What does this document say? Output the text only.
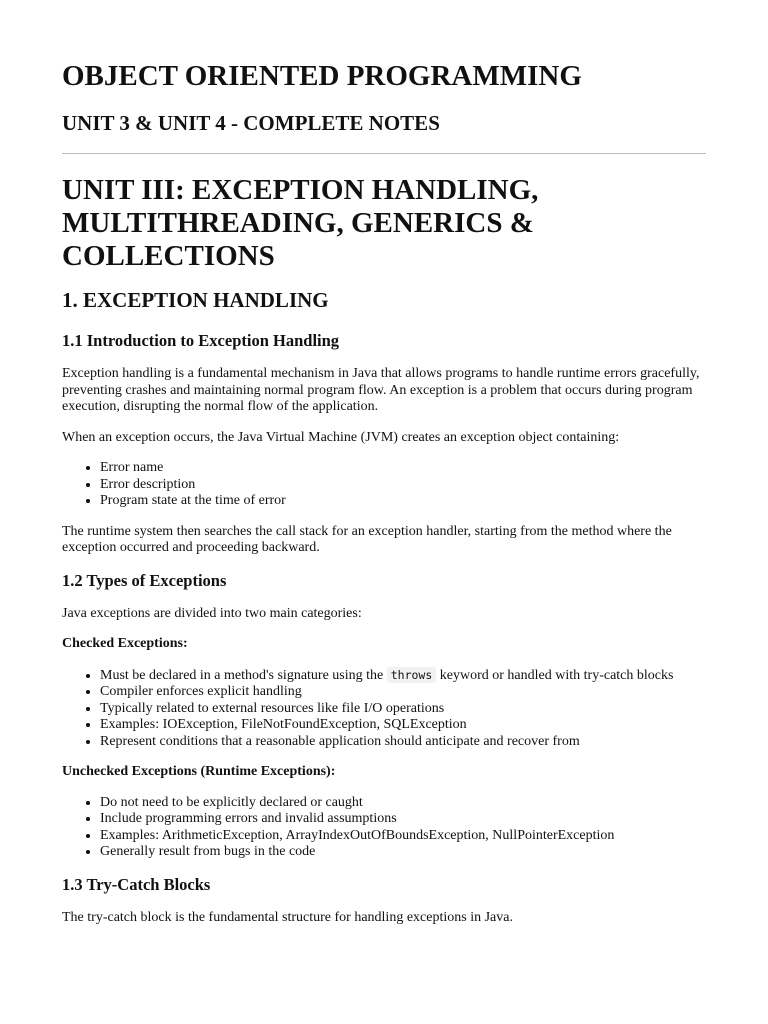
OBJECT ORIENTED PROGRAMMING
UNIT 3 & UNIT 4 - COMPLETE NOTES
UNIT III: EXCEPTION HANDLING, MULTITHREADING, GENERICS & COLLECTIONS
1. EXCEPTION HANDLING
1.1 Introduction to Exception Handling

Exception handling is a fundamental mechanism in Java that allows programs to handle runtime errors gracefully, preventing crashes and maintaining normal program flow. An exception is a problem that occurs during program execution, disrupting the normal flow of the application.

When an exception occurs, the Java Virtual Machine (JVM) creates an exception object containing:

• Error name
• Error description
• Program state at the time of error

The runtime system then searches the call stack for an exception handler, starting from the method where the exception occurred and proceeding backward.

1.2 Types of Exceptions

Java exceptions are divided into two main categories:

Checked Exceptions:

• Must be declared in a method's signature using the throws keyword or handled with try-catch blocks
• Compiler enforces explicit handling
• Typically related to external resources like file I/O operations
• Examples: IOException, FileNotFoundException, SQLException
• Represent conditions that a reasonable application should anticipate and recover from

Unchecked Exceptions (Runtime Exceptions):

• Do not need to be explicitly declared or caught
• Include programming errors and invalid assumptions
• Examples: ArithmeticException, ArrayIndexOutOfBoundsException, NullPointerException
• Generally result from bugs in the code
1.3 Try-Catch Blocks

The try-catch block is the fundamental structure for handling exceptions in Java.
